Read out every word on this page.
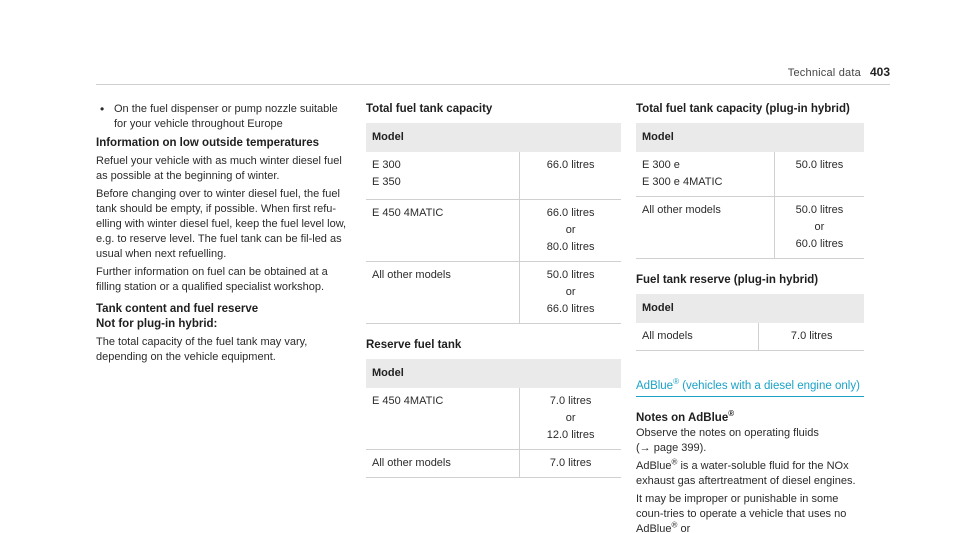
Technical data 403
• On the fuel dispenser or pump nozzle suitable for your vehicle throughout Europe
Information on low outside temperatures

Refuel your vehicle with as much winter diesel fuel as possible at the beginning of winter.

Before changing over to winter diesel fuel, the fuel tank should be empty, if possible. When first refu-elling with winter diesel fuel, keep the fuel level low, e.g. to reserve level. The fuel tank can be fil-led as usual when next refuelling.

Further information on fuel can be obtained at a filling station or a qualified specialist workshop.

Tank content and fuel reserve
Not for plug-in hybrid:

The total capacity of the fuel tank may vary, depending on the vehicle equipment.

Total fuel tank capacity
Model	

E 300
E 350	66.0 litres

E 450 4MATIC	66.0 litres
or
80.0 litres

All other models	50.0 litres
or
66.0 litres
Reserve fuel tank
Model	
E 450 4MATIC	7.0 litres
or
12.0 litres

All other models	7.0 litres
Total fuel tank capacity (plug-in hybrid)
Model	

E 300 e
E 300 e 4MATIC	50.0 litres
All other models	50.0 litres
or
60.0 litres
Fuel tank reserve (plug-in hybrid)
Model
All models	7.0 litres
AdBlue® (vehicles with a diesel engine only)
Notes on AdBlue®

Observe the notes on operating fluids
(→ page 399).

AdBlue® is a water-soluble fluid for the NOx exhaust gas aftertreatment of diesel engines.

It may be improper or punishable in some coun-tries to operate a vehicle that uses no AdBlue® or
